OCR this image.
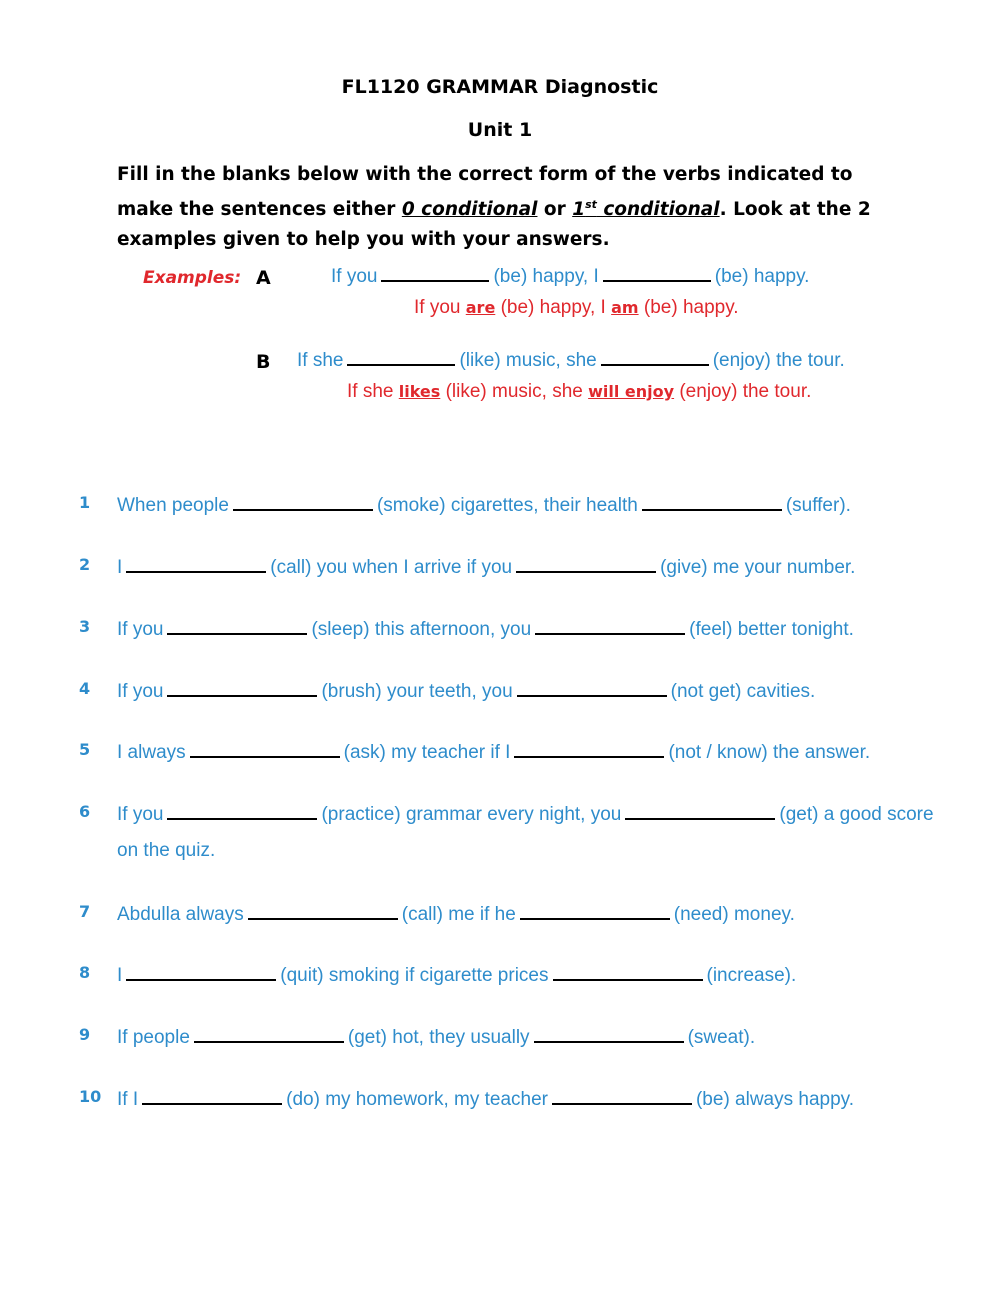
FL1120 GRAMMAR Diagnostic
Unit 1
Fill in the blanks below with the correct form of the verbs indicated to make the sentences either 0 conditional or 1st conditional. Look at the 2 examples given to help you with your answers.
Examples: A	If you	(be) happy, I	(be) happy.
If you are (be) happy, I am (be) happy.
B If she	(like) music, she	(enjoy) the tour.
If she likes (like) music, she will enjoy (enjoy) the tour.
1 When people	(smoke) cigarettes, their health	(suffer).
2 I	(call) you when I arrive if you	(give) me your number.
3 If you	(sleep) this afternoon, you	(feel) better tonight.
4 If you	(brush) your teeth, you	(not get) cavities.
5 I always	(ask) my teacher if I	(not / know) the answer.
6 If you	(practice) grammar every night, you	(get) a good score
on the quiz.
7 Abdulla always	(call) me if he	(need) money.
8 I	(quit) smoking if cigarette prices	(increase).
9 If people	(get) hot, they usually	(sweat).
10 If I	(do) my homework, my teacher	(be) always happy.
